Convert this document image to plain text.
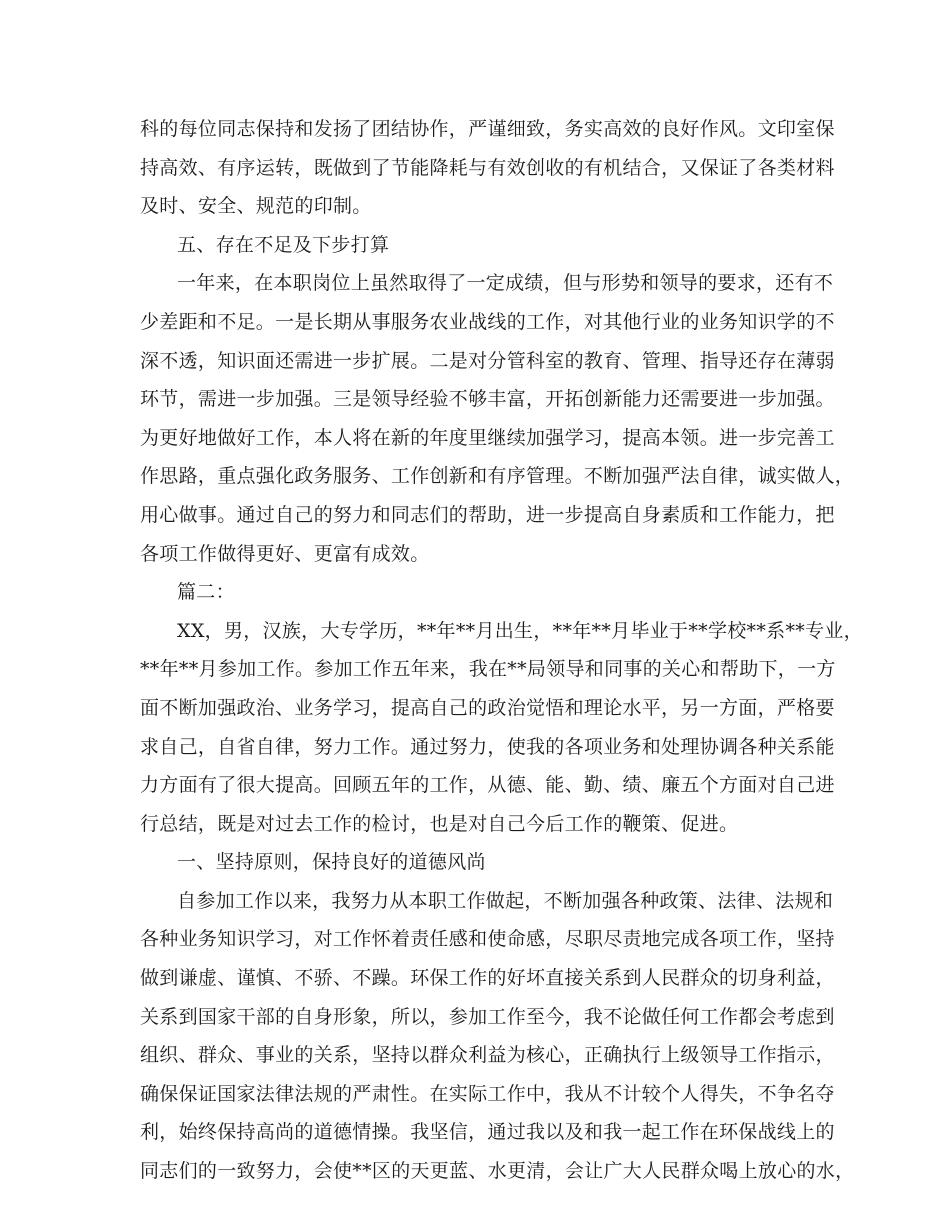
科的每位同志保持和发扬了团结协作，严谨细致，务实高效的良好作风。文印室保
持高效、有序运转，既做到了节能降耗与有效创收的有机结合，又保证了各类材料
及时、安全、规范的印制。
五、存在不足及下步打算
一年来，在本职岗位上虽然取得了一定成绩，但与形势和领导的要求，还有不
少差距和不足。一是长期从事服务农业战线的工作，对其他行业的业务知识学的不
深不透，知识面还需进一步扩展。二是对分管科室的教育、管理、指导还存在薄弱
环节，需进一步加强。三是领导经验不够丰富，开拓创新能力还需要进一步加强。
为更好地做好工作，本人将在新的年度里继续加强学习，提高本领。进一步完善工
作思路，重点强化政务服务、工作创新和有序管理。不断加强严法自律，诚实做人，
用心做事。通过自己的努力和同志们的帮助，进一步提高自身素质和工作能力，把
各项工作做得更好、更富有成效。
篇二：
XX，男，汉族，大专学历，**年**月出生，**年**月毕业于**学校**系**专业，
**年**月参加工作。参加工作五年来，我在**局领导和同事的关心和帮助下，一方
面不断加强政治、业务学习，提高自己的政治觉悟和理论水平，另一方面，严格要
求自己，自省自律，努力工作。通过努力，使我的各项业务和处理协调各种关系能
力方面有了很大提高。回顾五年的工作，从德、能、勤、绩、廉五个方面对自己进
行总结，既是对过去工作的检讨，也是对自己今后工作的鞭策、促进。
一、坚持原则，保持良好的道德风尚
自参加工作以来，我努力从本职工作做起，不断加强各种政策、法律、法规和
各种业务知识学习，对工作怀着责任感和使命感，尽职尽责地完成各项工作，坚持
做到谦虚、谨慎、不骄、不躁。环保工作的好坏直接关系到人民群众的切身利益，
关系到国家干部的自身形象，所以，参加工作至今，我不论做任何工作都会考虑到
组织、群众、事业的关系，坚持以群众利益为核心，正确执行上级领导工作指示，
确保保证国家法律法规的严肃性。在实际工作中，我从不计较个人得失，不争名夺
利，始终保持高尚的道德情操。我坚信，通过我以及和我一起工作在环保战线上的
同志们的一致努力，会使**区的天更蓝、水更清，会让广大人民群众喝上放心的水，
